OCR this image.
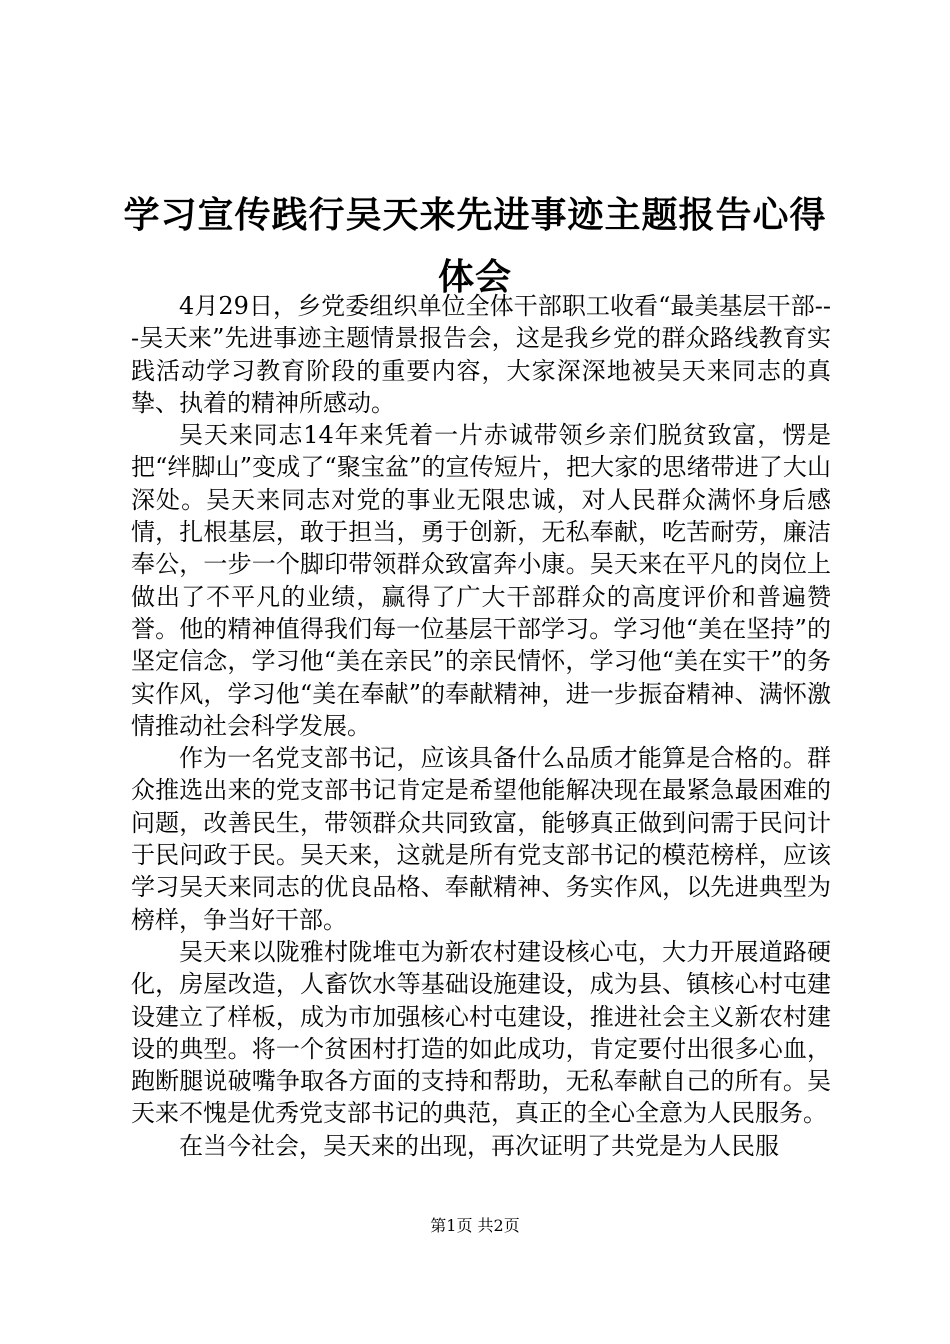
学习宣传践行吴天来先进事迹主题报告心得体会

4月29日，乡党委组织单位全体干部职工收看“最美基层干部---吴天来”先进事迹主题情景报告会，这是我乡党的群众路线教育实践活动学习教育阶段的重要内容，大家深深地被吴天来同志的真挚、执着的精神所感动。

吴天来同志14年来凭着一片赤诚带领乡亲们脱贫致富，愣是把“绊脚山”变成了“聚宝盆”的宣传短片，把大家的思绪带进了大山深处。吴天来同志对党的事业无限忠诚，对人民群众满怀身后感情，扎根基层，敢于担当，勇于创新，无私奉献，吃苦耐劳，廉洁奉公，一步一个脚印带领群众致富奔小康。吴天来在平凡的岗位上做出了不平凡的业绩，赢得了广大干部群众的高度评价和普遍赞誉。他的精神值得我们每一位基层干部学习。学习他“美在坚持”的坚定信念，学习他“美在亲民”的亲民情怀，学习他“美在实干”的务实作风，学习他“美在奉献”的奉献精神，进一步振奋精神、满怀激情推动社会科学发展。

作为一名党支部书记，应该具备什么品质才能算是合格的。群众推选出来的党支部书记肯定是希望他能解决现在最紧急最困难的问题，改善民生，带领群众共同致富，能够真正做到问需于民问计于民问政于民。吴天来，这就是所有党支部书记的模范榜样，应该学习吴天来同志的优良品格、奉献精神、务实作风，以先进典型为榜样，争当好干部。

吴天来以陇雅村陇堆屯为新农村建设核心屯，大力开展道路硬化，房屋改造，人畜饮水等基础设施建设，成为县、镇核心村屯建设建立了样板，成为市加强核心村屯建设，推进社会主义新农村建设的典型。将一个贫困村打造的如此成功，肯定要付出很多心血，跑断腿说破嘴争取各方面的支持和帮助，无私奉献自己的所有。吴天来不愧是优秀党支部书记的典范，真正的全心全意为人民服务。

在当今社会，吴天来的出现，再次证明了共党是为人民服

第1页 共2页
